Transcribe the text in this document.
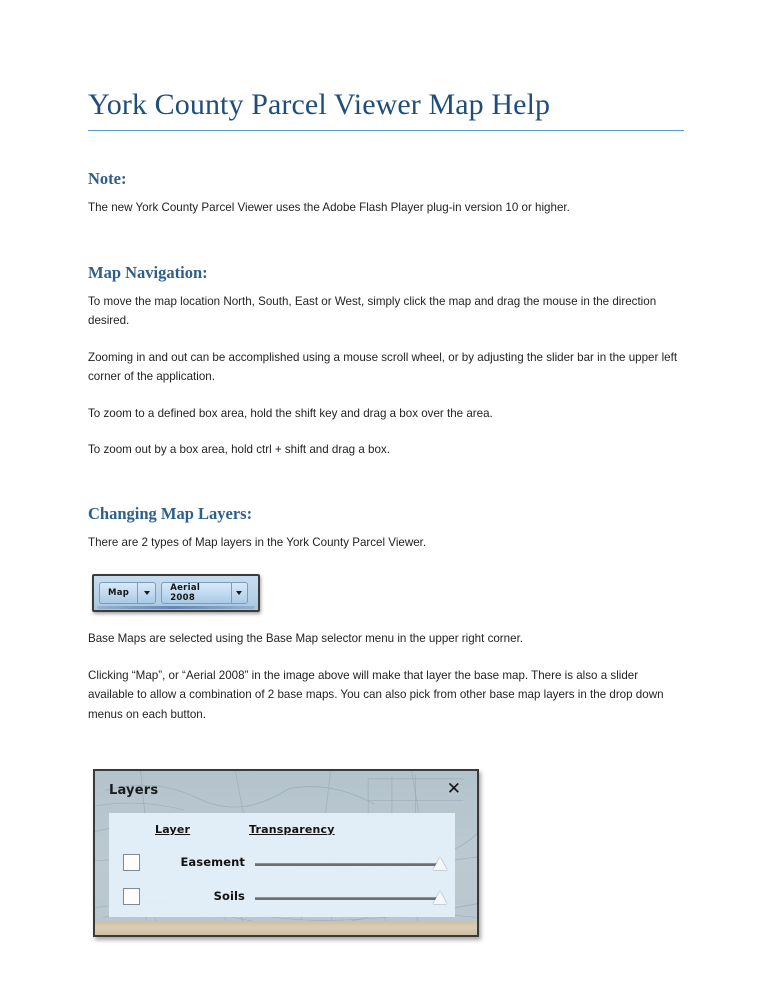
York County Parcel Viewer Map Help
Note:

The new York County Parcel Viewer uses the Adobe Flash Player plug-in version 10 or higher.

Map Navigation:

To move the map location North, South, East or West, simply click the map and drag the mouse in the direction desired.

Zooming in and out can be accomplished using a mouse scroll wheel, or by adjusting the slider bar in the upper left corner of the application.

To zoom to a defined box area, hold the shift key and drag a box over the area.

To zoom out by a box area, hold ctrl + shift and drag a box.

Changing Map Layers:

There are 2 types of Map layers in the York County Parcel Viewer.

Map	Aerial 2008

Base Maps are selected using the Base Map selector menu in the upper right corner.

Clicking “Map”, or “Aerial 2008” in the image above will make that layer the base map. There is also a slider available to allow a combination of 2 base maps. You can also pick from other base map layers in the drop down menus on each button.

Layers	✕
Layer	Transparency
Easement
Soils
